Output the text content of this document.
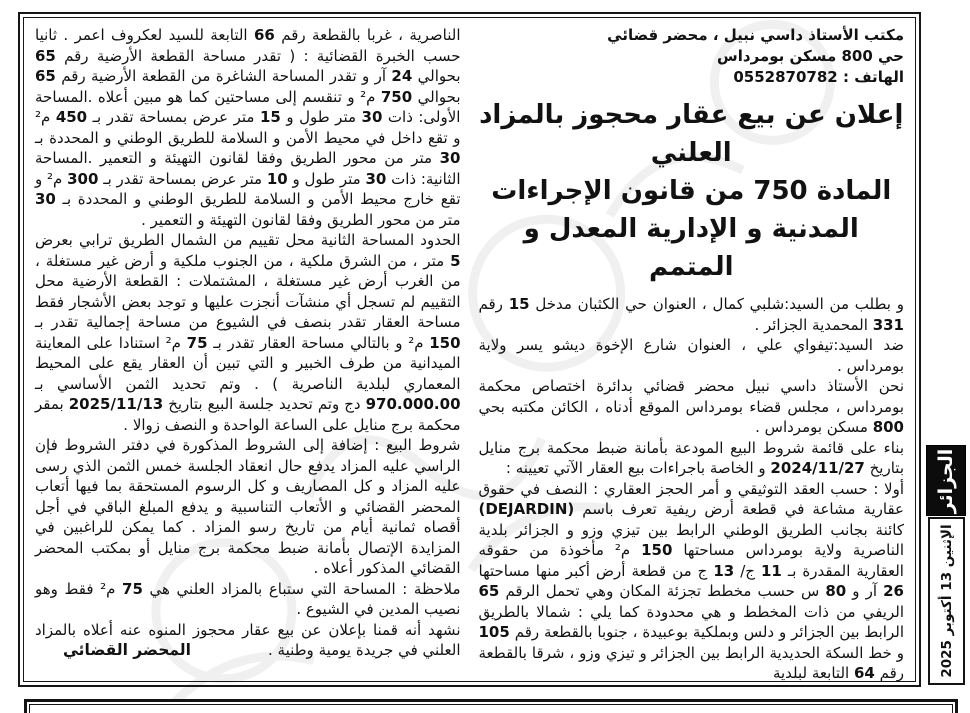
مكتب الأستاذ داسي نبيل ، محضر قضائي
حي 800 مسكن بومرداس
الهاتف : 0552870782
إعلان عن بيع عقار محجوز بالمزاد العلني
المادة 750 من قانون الإجراءات المدنية و الإدارية المعدل و المتمم

و بطلب من السيد:شلبي كمال ، العنوان حي الكثبان مدخل 15 رقم 331 المحمدية الجزائر .

ضد السيد:تيفواي علي ، العنوان شارع الإخوة ديشو يسر ولاية بومرداس .

نحن الأستاذ داسي نبيل محضر قضائي بدائرة اختصاص محكمة بومرداس ، مجلس قضاء بومرداس الموقع أدناه ، الكائن مكتبه بحي 800 مسكن بومرداس .

بناء على قائمة شروط البيع المودعة بأمانة ضبط محكمة برج منايل بتاريخ 2024/11/27 و الخاصة باجراءات بيع العقار الآتي تعيينه :

أولا : حسب العقد التوثيقي و أمر الحجز العقاري : النصف في حقوق عقارية مشاعة في قطعة أرض ريفية تعرف باسم (DEJARDIN) كائنة بجانب الطريق الوطني الرابط بين تيزي وزو و الجزائر بلدية الناصرية ولاية بومرداس مساحتها 150 م² مأخوذة من حقوقه العقارية المقدرة بـ 11 ج/ 13 ج من قطعة أرض أكبر منها مساحتها 26 آر و 80 س حسب مخطط تجزئة المكان وهي تحمل الرقم 65 الريفي من ذات المخطط و هي محدودة كما يلي : شمالا بالطريق الرابط بين الجزائر و دلس وبملكية بوعبيدة ، جنوبا بالقطعة رقم 105 و خط السكة الحديدية الرابط بين الجزائر و تيزي وزو ، شرقا بالقطعة رقم 64 التابعة لبلدية

الناصرية ، غربا بالقطعة رقم 66 التابعة للسيد لعكروف اعمر . ثانيا حسب الخبرة القضائية : ( تقدر مساحة القطعة الأرضية رقم 65 بحوالي 24 آر و تقدر المساحة الشاغرة من القطعة الأرضية رقم 65 بحوالي 750 م² و تنقسم إلى مساحتين كما هو مبين أعلاه .المساحة الأولى: ذات 30 متر طول و 15 متر عرض بمساحة تقدر بـ 450 م² و تقع داخل في محيط الأمن و السلامة للطريق الوطني و المحددة بـ 30 متر من محور الطريق وفقا لقانون التهيئة و التعمير .المساحة الثانية: ذات 30 متر طول و 10 متر عرض بمساحة تقدر بـ 300 م² و تقع خارج محيط الأمن و السلامة للطريق الوطني و المحددة بـ 30 متر من محور الطريق وفقا لقانون التهيئة و التعمير .

الحدود المساحة الثانية محل تقييم من الشمال الطريق ترابي بعرض 5 متر ، من الشرق ملكية ، من الجنوب ملكية و أرض غير مستغلة ، من الغرب أرض غير مستغلة ، المشتملات : القطعة الأرضية محل التقييم لم تسجل أي منشآت أنجزت عليها و توجد بعض الأشجار فقط مساحة العقار تقدر بنصف في الشيوع من مساحة إجمالية تقدر بـ 150 م² و بالتالي مساحة العقار تقدر بـ 75 م² استنادا على المعاينة الميدانية من طرف الخبير و التي تبين أن العقار يقع على المحيط المعماري لبلدية الناصرية ) . وتم تحديد الثمن الأساسي بـ 970.000.00 دج وتم تحديد جلسة البيع بتاريخ 2025/11/13 بمقر محكمة برج منايل على الساعة الواحدة و النصف زوالا .

شروط البيع : إضافة إلى الشروط المذكورة في دفتر الشروط فإن الراسي عليه المزاد يدفع حال انعقاد الجلسة خمس الثمن الذي رسى عليه المزاد و كل المصاريف و كل الرسوم المستحقة بما فيها أتعاب المحضر القضائي و الأتعاب التناسبية و يدفع المبلغ الباقي في أجل أقصاه ثمانية أيام من تاريخ رسو المزاد . كما يمكن للراغبين في المزايدة الإتصال بأمانة ضبط محكمة برج منايل أو بمكتب المحضر القضائي المذكور أعلاه .

ملاحظة : المساحة التي ستباع بالمزاد العلني هي 75 م² فقط وهو نصيب المدين في الشيوع .

نشهد أنه قمنا بإعلان عن بيع عقار محجوز المنوه عنه أعلاه بالمزاد العلني في جريدة يومية وطنية .
المحضر القضائي

الجزائر
الإثنين 13 أكتوبر 2025
